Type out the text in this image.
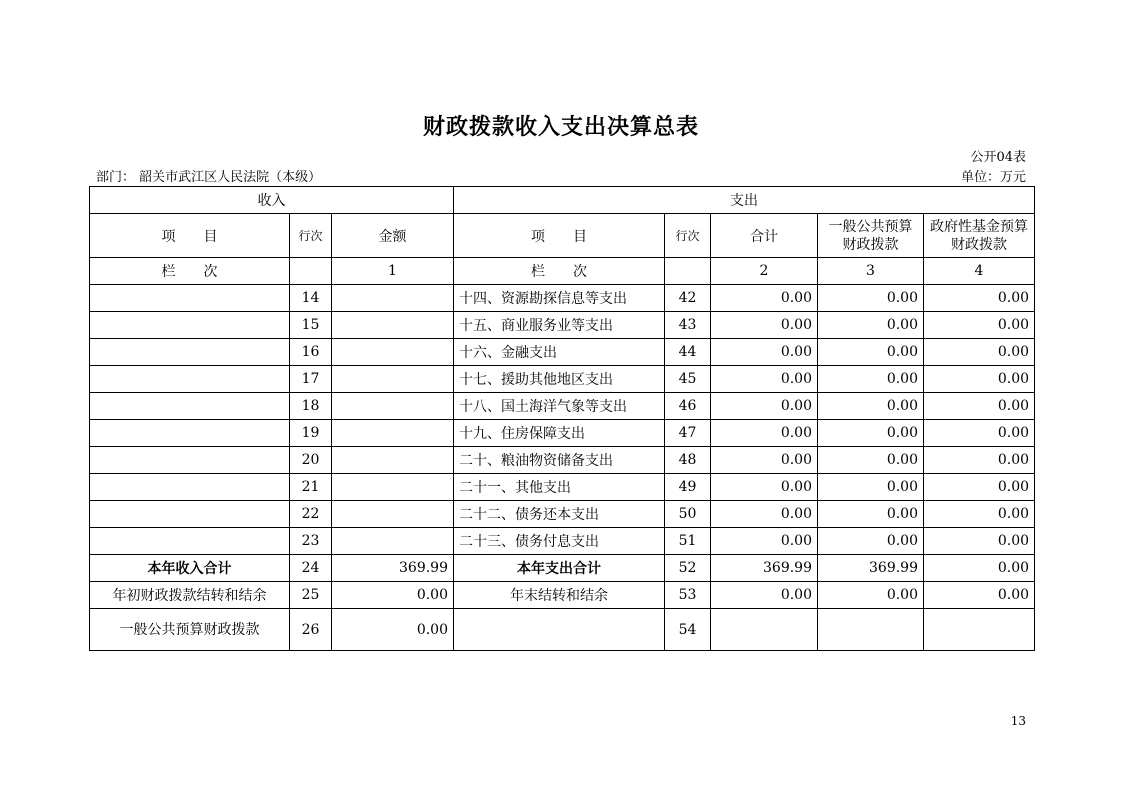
财政拨款收入支出决算总表
公开04表
部门： 韶关市武江区人民法院（本级）	单位：万元
收入			支出				
项　　目	行次	金额	项　　目	行次	合计	一般公共预算财政拨款	政府性基金预算财政拨款
栏　　次		1	栏　　次		2	3	4
	14		十四、资源勘探信息等支出	42	0.00	0.00	0.00
	15		十五、商业服务业等支出	43	0.00	0.00	0.00
	16		十六、金融支出	44	0.00	0.00	0.00
	17		十七、援助其他地区支出	45	0.00	0.00	0.00
	18		十八、国土海洋气象等支出	46	0.00	0.00	0.00
	19		十九、住房保障支出	47	0.00	0.00	0.00
	20		二十、粮油物资储备支出	48	0.00	0.00	0.00
	21		二十一、其他支出	49	0.00	0.00	0.00
	22		二十二、债务还本支出	50	0.00	0.00	0.00
	23		二十三、债务付息支出	51	0.00	0.00	0.00
本年收入合计	24	369.99	本年支出合计	52	369.99	369.99	0.00
年初财政拨款结转和结余	25	0.00	年末结转和结余	53	0.00	0.00	0.00
一般公共预算财政拨款	26	0.00		54			
13
